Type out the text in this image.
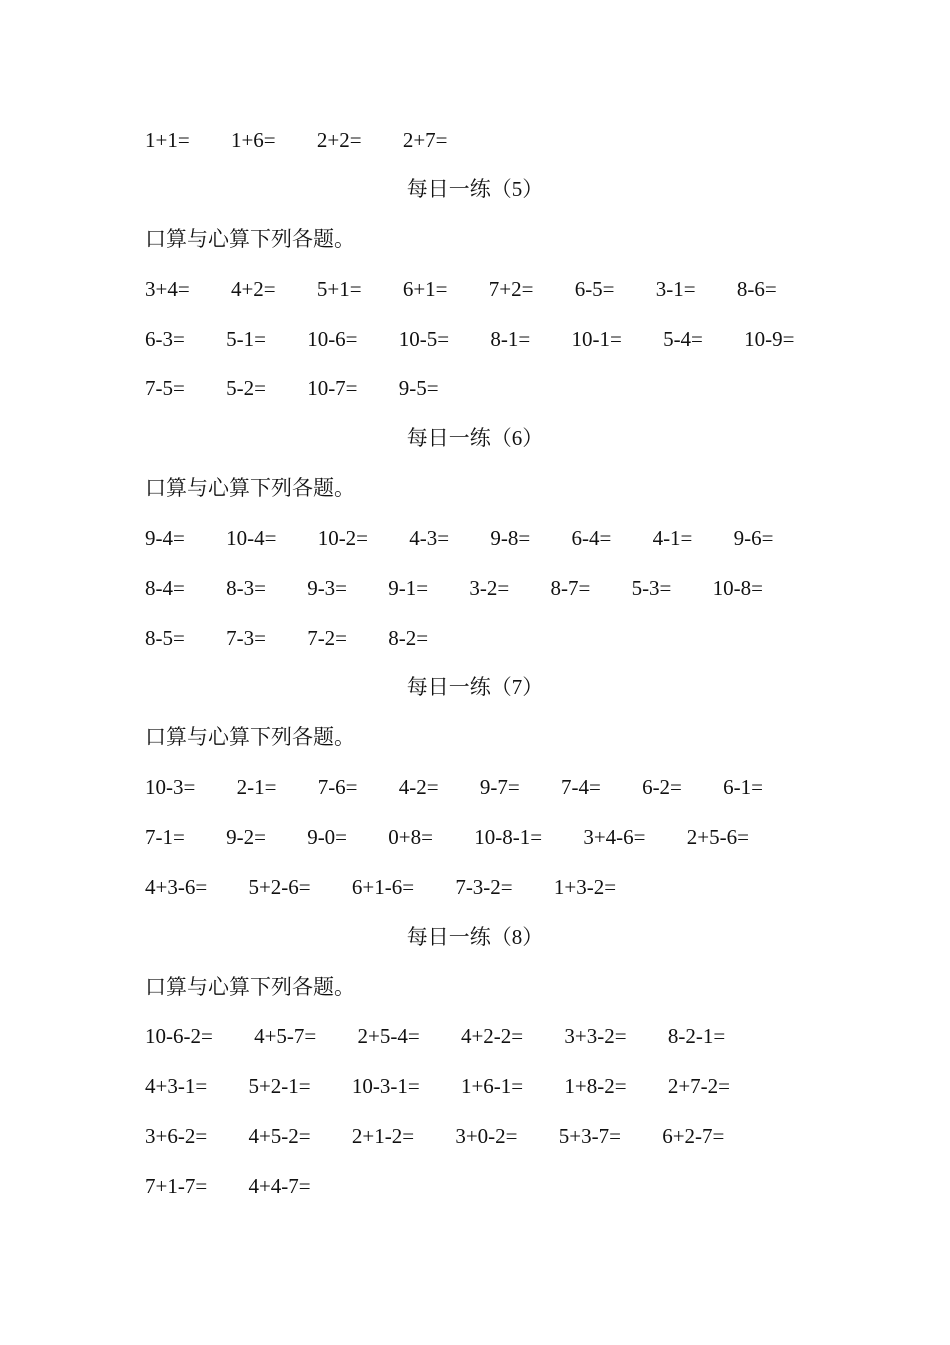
1+1= 1+6= 2+2= 2+7=
每日一练（5）
口算与心算下列各题。
3+4= 4+2= 5+1= 6+1= 7+2= 6-5= 3-1= 8-6=
6-3= 5-1= 10-6= 10-5= 8-1= 10-1= 5-4= 10-9=
7-5= 5-2= 10-7= 9-5=
每日一练（6）
口算与心算下列各题。
9-4= 10-4= 10-2= 4-3= 9-8= 6-4= 4-1= 9-6=
8-4= 8-3= 9-3= 9-1= 3-2= 8-7= 5-3= 10-8=
8-5= 7-3= 7-2= 8-2=
每日一练（7）
口算与心算下列各题。
10-3= 2-1= 7-6= 4-2= 9-7= 7-4= 6-2= 6-1=
7-1= 9-2= 9-0= 0+8= 10-8-1= 3+4-6= 2+5-6=
4+3-6= 5+2-6= 6+1-6= 7-3-2= 1+3-2=
每日一练（8）
口算与心算下列各题。
10-6-2= 4+5-7= 2+5-4= 4+2-2= 3+3-2= 8-2-1=
4+3-1= 5+2-1= 10-3-1= 1+6-1= 1+8-2= 2+7-2=
3+6-2= 4+5-2= 2+1-2= 3+0-2= 5+3-7= 6+2-7=
7+1-7= 4+4-7=
